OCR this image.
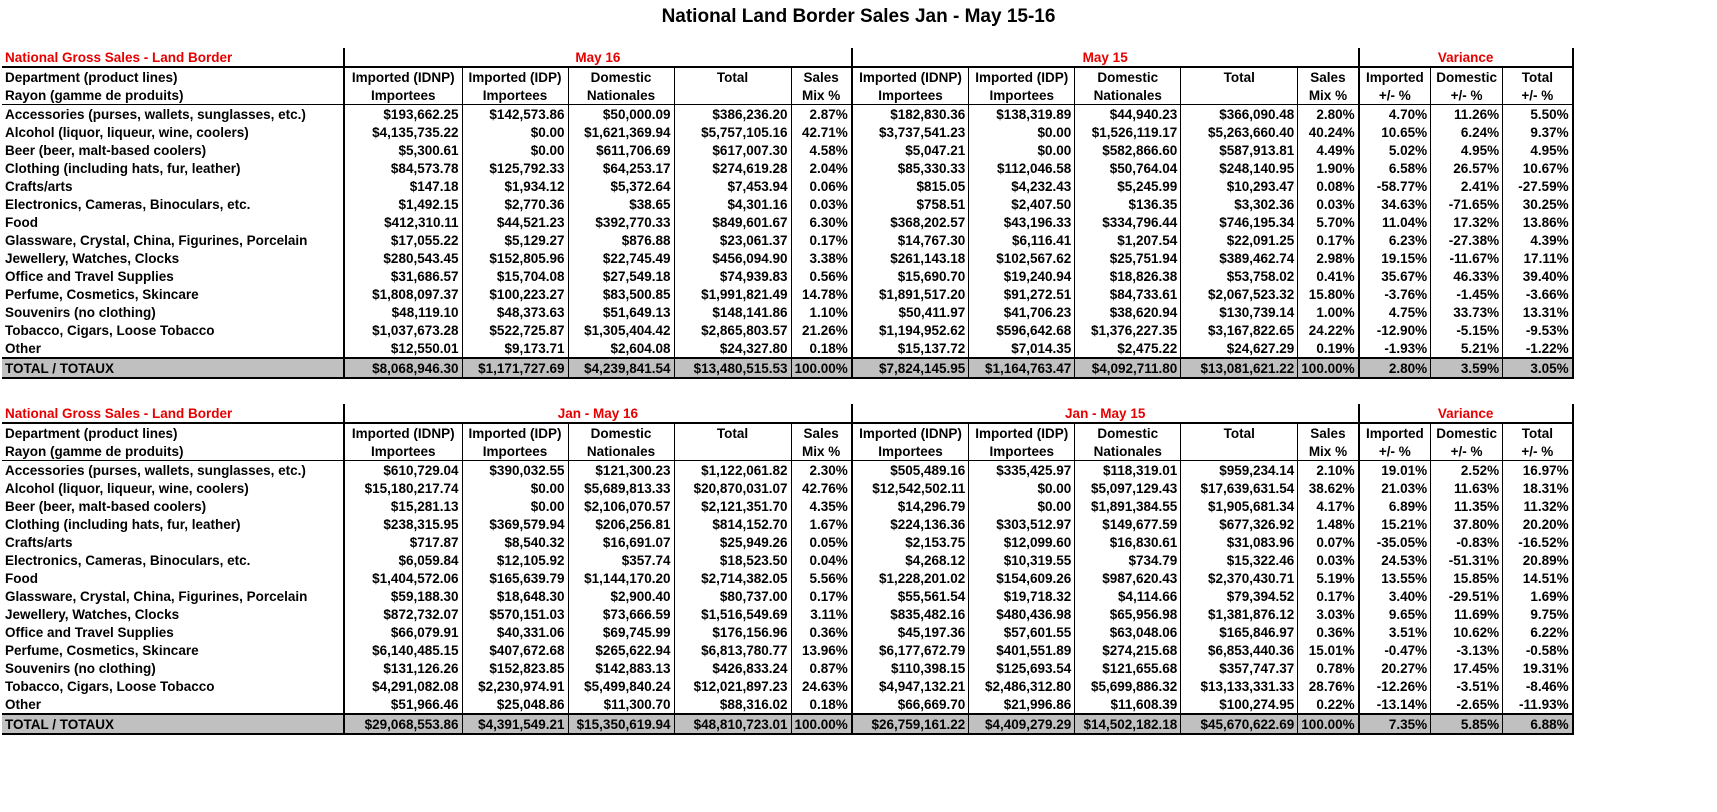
National Land Border Sales Jan - May 15-16
National Gross Sales - Land Border	May 16					May 15					Variance		
Department (product lines)	Imported (IDNP)	Imported (IDP)	Domestic	Total	Sales	Imported (IDNP)	Imported (IDP)	Domestic	Total	Sales	Imported	Domestic	Total
Rayon (gamme de produits)	Importees	Importees	Nationales		Mix %	Importees	Importees	Nationales		Mix %	+/- %	+/- %	+/- %
Accessories (purses, wallets, sunglasses, etc.)	$193,662.25	$142,573.86	$50,000.09	$386,236.20	2.87%	$182,830.36	$138,319.89	$44,940.23	$366,090.48	2.80%	4.70%	11.26%	5.50%
Alcohol (liquor, liqueur, wine, coolers)	$4,135,735.22	$0.00	$1,621,369.94	$5,757,105.16	42.71%	$3,737,541.23	$0.00	$1,526,119.17	$5,263,660.40	40.24%	10.65%	6.24%	9.37%
Beer (beer, malt-based coolers)	$5,300.61	$0.00	$611,706.69	$617,007.30	4.58%	$5,047.21	$0.00	$582,866.60	$587,913.81	4.49%	5.02%	4.95%	4.95%
Clothing (including hats, fur, leather)	$84,573.78	$125,792.33	$64,253.17	$274,619.28	2.04%	$85,330.33	$112,046.58	$50,764.04	$248,140.95	1.90%	6.58%	26.57%	10.67%
Crafts/arts	$147.18	$1,934.12	$5,372.64	$7,453.94	0.06%	$815.05	$4,232.43	$5,245.99	$10,293.47	0.08%	-58.77%	2.41%	-27.59%
Electronics, Cameras, Binoculars, etc.	$1,492.15	$2,770.36	$38.65	$4,301.16	0.03%	$758.51	$2,407.50	$136.35	$3,302.36	0.03%	34.63%	-71.65%	30.25%
Food	$412,310.11	$44,521.23	$392,770.33	$849,601.67	6.30%	$368,202.57	$43,196.33	$334,796.44	$746,195.34	5.70%	11.04%	17.32%	13.86%
Glassware, Crystal, China, Figurines, Porcelain	$17,055.22	$5,129.27	$876.88	$23,061.37	0.17%	$14,767.30	$6,116.41	$1,207.54	$22,091.25	0.17%	6.23%	-27.38%	4.39%
Jewellery, Watches, Clocks	$280,543.45	$152,805.96	$22,745.49	$456,094.90	3.38%	$261,143.18	$102,567.62	$25,751.94	$389,462.74	2.98%	19.15%	-11.67%	17.11%
Office and Travel Supplies	$31,686.57	$15,704.08	$27,549.18	$74,939.83	0.56%	$15,690.70	$19,240.94	$18,826.38	$53,758.02	0.41%	35.67%	46.33%	39.40%
Perfume, Cosmetics, Skincare	$1,808,097.37	$100,223.27	$83,500.85	$1,991,821.49	14.78%	$1,891,517.20	$91,272.51	$84,733.61	$2,067,523.32	15.80%	-3.76%	-1.45%	-3.66%
Souvenirs (no clothing)	$48,119.10	$48,373.63	$51,649.13	$148,141.86	1.10%	$50,411.97	$41,706.23	$38,620.94	$130,739.14	1.00%	4.75%	33.73%	13.31%
Tobacco, Cigars, Loose Tobacco	$1,037,673.28	$522,725.87	$1,305,404.42	$2,865,803.57	21.26%	$1,194,952.62	$596,642.68	$1,376,227.35	$3,167,822.65	24.22%	-12.90%	-5.15%	-9.53%
Other	$12,550.01	$9,173.71	$2,604.08	$24,327.80	0.18%	$15,137.72	$7,014.35	$2,475.22	$24,627.29	0.19%	-1.93%	5.21%	-1.22%
TOTAL / TOTAUX	$8,068,946.30	$1,171,727.69	$4,239,841.54	$13,480,515.53	100.00%	$7,824,145.95	$1,164,763.47	$4,092,711.80	$13,081,621.22	100.00%	2.80%	3.59%	3.05%
National Gross Sales - Land Border	Jan - May 16					Jan - May 15					Variance		
Department (product lines)	Imported (IDNP)	Imported (IDP)	Domestic	Total	Sales	Imported (IDNP)	Imported (IDP)	Domestic	Total	Sales	Imported	Domestic	Total
Rayon (gamme de produits)	Importees	Importees	Nationales		Mix %	Importees	Importees	Nationales		Mix %	+/- %	+/- %	+/- %
Accessories (purses, wallets, sunglasses, etc.)	$610,729.04	$390,032.55	$121,300.23	$1,122,061.82	2.30%	$505,489.16	$335,425.97	$118,319.01	$959,234.14	2.10%	19.01%	2.52%	16.97%
Alcohol (liquor, liqueur, wine, coolers)	$15,180,217.74	$0.00	$5,689,813.33	$20,870,031.07	42.76%	$12,542,502.11	$0.00	$5,097,129.43	$17,639,631.54	38.62%	21.03%	11.63%	18.31%
Beer (beer, malt-based coolers)	$15,281.13	$0.00	$2,106,070.57	$2,121,351.70	4.35%	$14,296.79	$0.00	$1,891,384.55	$1,905,681.34	4.17%	6.89%	11.35%	11.32%
Clothing (including hats, fur, leather)	$238,315.95	$369,579.94	$206,256.81	$814,152.70	1.67%	$224,136.36	$303,512.97	$149,677.59	$677,326.92	1.48%	15.21%	37.80%	20.20%
Crafts/arts	$717.87	$8,540.32	$16,691.07	$25,949.26	0.05%	$2,153.75	$12,099.60	$16,830.61	$31,083.96	0.07%	-35.05%	-0.83%	-16.52%
Electronics, Cameras, Binoculars, etc.	$6,059.84	$12,105.92	$357.74	$18,523.50	0.04%	$4,268.12	$10,319.55	$734.79	$15,322.46	0.03%	24.53%	-51.31%	20.89%
Food	$1,404,572.06	$165,639.79	$1,144,170.20	$2,714,382.05	5.56%	$1,228,201.02	$154,609.26	$987,620.43	$2,370,430.71	5.19%	13.55%	15.85%	14.51%
Glassware, Crystal, China, Figurines, Porcelain	$59,188.30	$18,648.30	$2,900.40	$80,737.00	0.17%	$55,561.54	$19,718.32	$4,114.66	$79,394.52	0.17%	3.40%	-29.51%	1.69%
Jewellery, Watches, Clocks	$872,732.07	$570,151.03	$73,666.59	$1,516,549.69	3.11%	$835,482.16	$480,436.98	$65,956.98	$1,381,876.12	3.03%	9.65%	11.69%	9.75%
Office and Travel Supplies	$66,079.91	$40,331.06	$69,745.99	$176,156.96	0.36%	$45,197.36	$57,601.55	$63,048.06	$165,846.97	0.36%	3.51%	10.62%	6.22%
Perfume, Cosmetics, Skincare	$6,140,485.15	$407,672.68	$265,622.94	$6,813,780.77	13.96%	$6,177,672.79	$401,551.89	$274,215.68	$6,853,440.36	15.01%	-0.47%	-3.13%	-0.58%
Souvenirs (no clothing)	$131,126.26	$152,823.85	$142,883.13	$426,833.24	0.87%	$110,398.15	$125,693.54	$121,655.68	$357,747.37	0.78%	20.27%	17.45%	19.31%
Tobacco, Cigars, Loose Tobacco	$4,291,082.08	$2,230,974.91	$5,499,840.24	$12,021,897.23	24.63%	$4,947,132.21	$2,486,312.80	$5,699,886.32	$13,133,331.33	28.76%	-12.26%	-3.51%	-8.46%
Other	$51,966.46	$25,048.86	$11,300.70	$88,316.02	0.18%	$66,669.70	$21,996.86	$11,608.39	$100,274.95	0.22%	-13.14%	-2.65%	-11.93%
TOTAL / TOTAUX	$29,068,553.86	$4,391,549.21	$15,350,619.94	$48,810,723.01	100.00%	$26,759,161.22	$4,409,279.29	$14,502,182.18	$45,670,622.69	100.00%	7.35%	5.85%	6.88%
